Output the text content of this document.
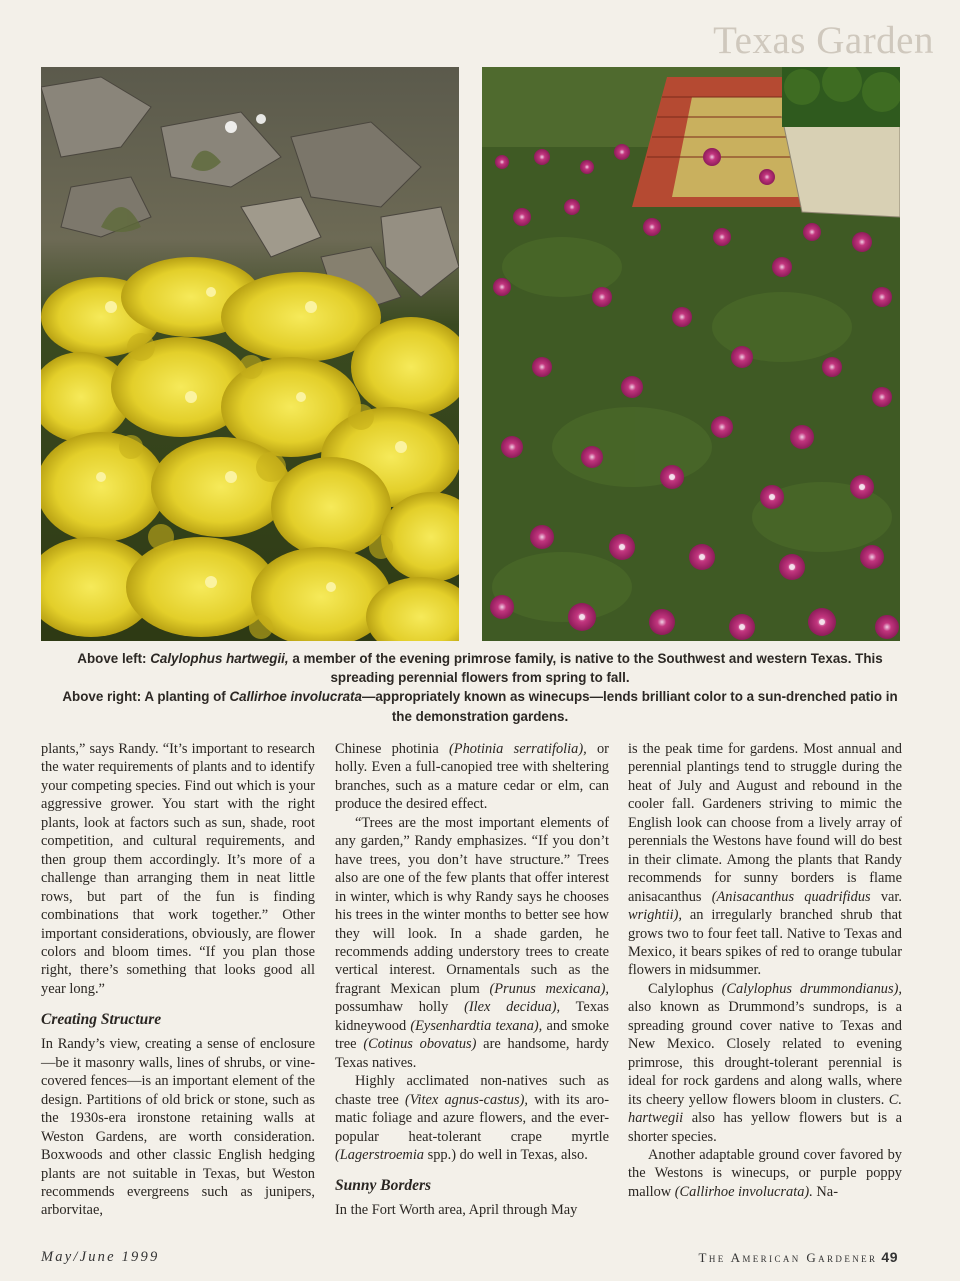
Texas Garden
Above left: Calylophus hartwegii, a member of the evening primrose family, is native to the Southwest and western Texas. This spreading perennial flowers from spring to fall.
Above right: A planting of Callirhoe involucrata—appropriately known as winecups—lends brilliant color to a sun-drenched patio in the demonstration gardens.

plants,” says Randy. “It’s important to research the water requirements of plants and to identify your competing species. Find out which is your aggressive grower. You start with the right plants, look at factors such as sun, shade, root competition, and cultural requirements, and then group them accordingly. It’s more of a challenge than arranging them in neat little rows, but part of the fun is finding combinations that work together.” Other important considerations, obviously, are flower colors and bloom times. “If you plan those right, there’s something that looks good all year long.”

Creating Structure

In Randy’s view, creating a sense of enclosure—be it masonry walls, lines of shrubs, or vine-covered fences—is an important element of the design. Partitions of old brick or stone, such as the 1930s-era ironstone retaining walls at Weston Gardens, are worth consideration. Boxwoods and other classic English hedging plants are not suitable in Texas, but Weston recommends evergreens such as junipers, arborvitae,

Chinese photinia (Photinia serratifolia), or holly. Even a full-canopied tree with sheltering branches, such as a mature cedar or elm, can produce the desired effect.

“Trees are the most important elements of any garden,” Randy emphasizes. “If you don’t have trees, you don’t have structure.” Trees also are one of the few plants that offer interest in winter, which is why Randy says he chooses his trees in the winter months to better see how they will look. In a shade garden, he recommends adding understory trees to create vertical interest. Ornamentals such as the fragrant Mexican plum (Prunus mexicana), possumhaw holly (Ilex decidua), Texas kidneywood (Eysenhardtia texana), and smoke tree (Cotinus obovatus) are handsome, hardy Texas natives.

Highly acclimated non-natives such as chaste tree (Vitex agnus-castus), with its aromatic foliage and azure flowers, and the ever-popular heat-tolerant crape myrtle (Lagerstroemia spp.) do well in Texas, also.

Sunny Borders

In the Fort Worth area, April through May

is the peak time for gardens. Most annual and perennial plantings tend to struggle during the heat of July and August and rebound in the cooler fall. Gardeners striving to mimic the English look can choose from a lively array of perennials the Westons have found will do best in their climate. Among the plants that Randy recommends for sunny borders is flame anisacanthus (Anisacanthus quadrifidus var. wrightii), an irregularly branched shrub that grows two to four feet tall. Native to Texas and Mexico, it bears spikes of red to orange tubular flowers in midsummer.

Calylophus (Calylophus drummondianus), also known as Drummond’s sundrops, is a spreading ground cover native to Texas and New Mexico. Closely related to evening primrose, this drought-tolerant perennial is ideal for rock gardens and along walls, where its cheery yellow flowers bloom in clusters. C. hartwegii also has yellow flowers but is a shorter species.

Another adaptable ground cover favored by the Westons is winecups, or purple poppy mallow (Callirhoe involucrata). Na-

May/June 1999	The American Gardener 49
